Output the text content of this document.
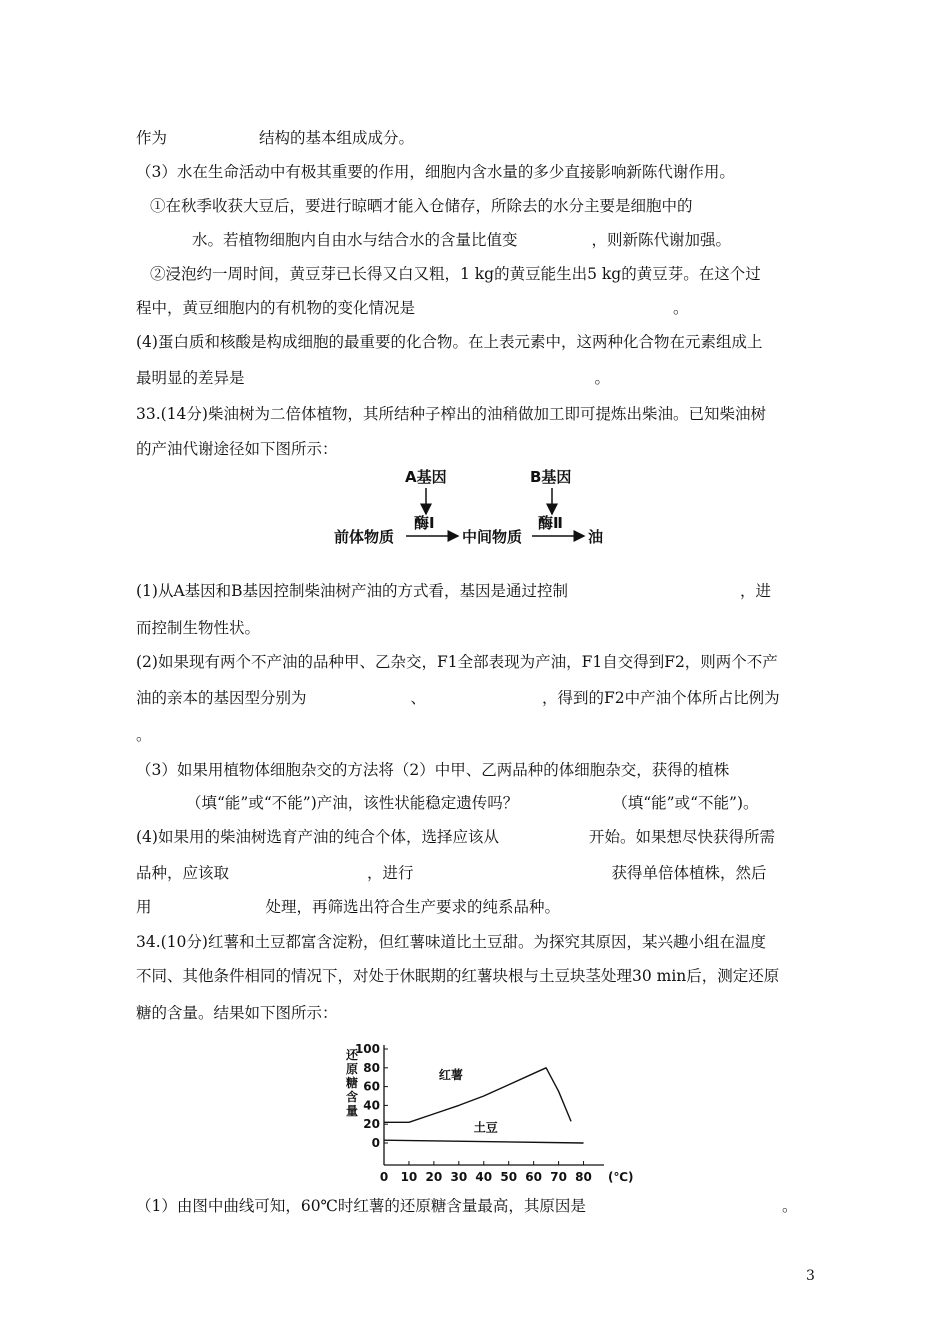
作为	结构的基本组成成分。
（3）水在生命活动中有极其重要的作用，细胞内含水量的多少直接影响新陈代谢作用。
①在秋季收获大豆后，要进行晾晒才能入仓储存，所除去的水分主要是细胞中的
水。若植物细胞内自由水与结合水的含量比值变	，则新陈代谢加强。
②浸泡约一周时间，黄豆芽已长得又白又粗，1 kg的黄豆能生出5 kg的黄豆芽。在这个过
程中，黄豆细胞内的有机物的变化情况是	。
(4)蛋白质和核酸是构成细胞的最重要的化合物。在上表元素中，这两种化合物在元素组成上
最明显的差异是	。
33.(14分)柴油树为二倍体植物，其所结种子榨出的油稍做加工即可提炼出柴油。已知柴油树
的产油代谢途径如下图所示：
A基因	B基因
酶Ⅰ	酶Ⅱ
前体物质	中间物质	油
(1)从A基因和B基因控制柴油树产油的方式看，基因是通过控制	，进
而控制生物性状。
(2)如果现有两个不产油的品种甲、乙杂交，F1全部表现为产油，F1自交得到F2，则两个不产
油的亲本的基因型分别为	、	，得到的F2中产油个体所占比例为
。
（3）如果用植物体细胞杂交的方法将（2）中甲、乙两品种的体细胞杂交，获得的植株
（填“能”或“不能”)产油，该性状能稳定遗传吗？	（填“能”或“不能”)。
(4)如果用的柴油树选育产油的纯合个体，选择应该从	开始。如果想尽快获得所需
品种，应该取	，进行	获得单倍体植株，然后
用	处理，再筛选出符合生产要求的纯系品种。
34.(10分)红薯和土豆都富含淀粉，但红薯味道比土豆甜。为探究其原因，某兴趣小组在温度
不同、其他条件相同的情况下，对处于休眠期的红薯块根与土豆块茎处理30 min后，测定还原
糖的含量。结果如下图所示：
还
原
糖
含
量
0
20
40
60
80
100
0 10 20 30 40 50 60 70 80
红薯
土豆
(℃)
（1）由图中曲线可知，60℃时红薯的还原糖含量最高，其原因是	。
3
